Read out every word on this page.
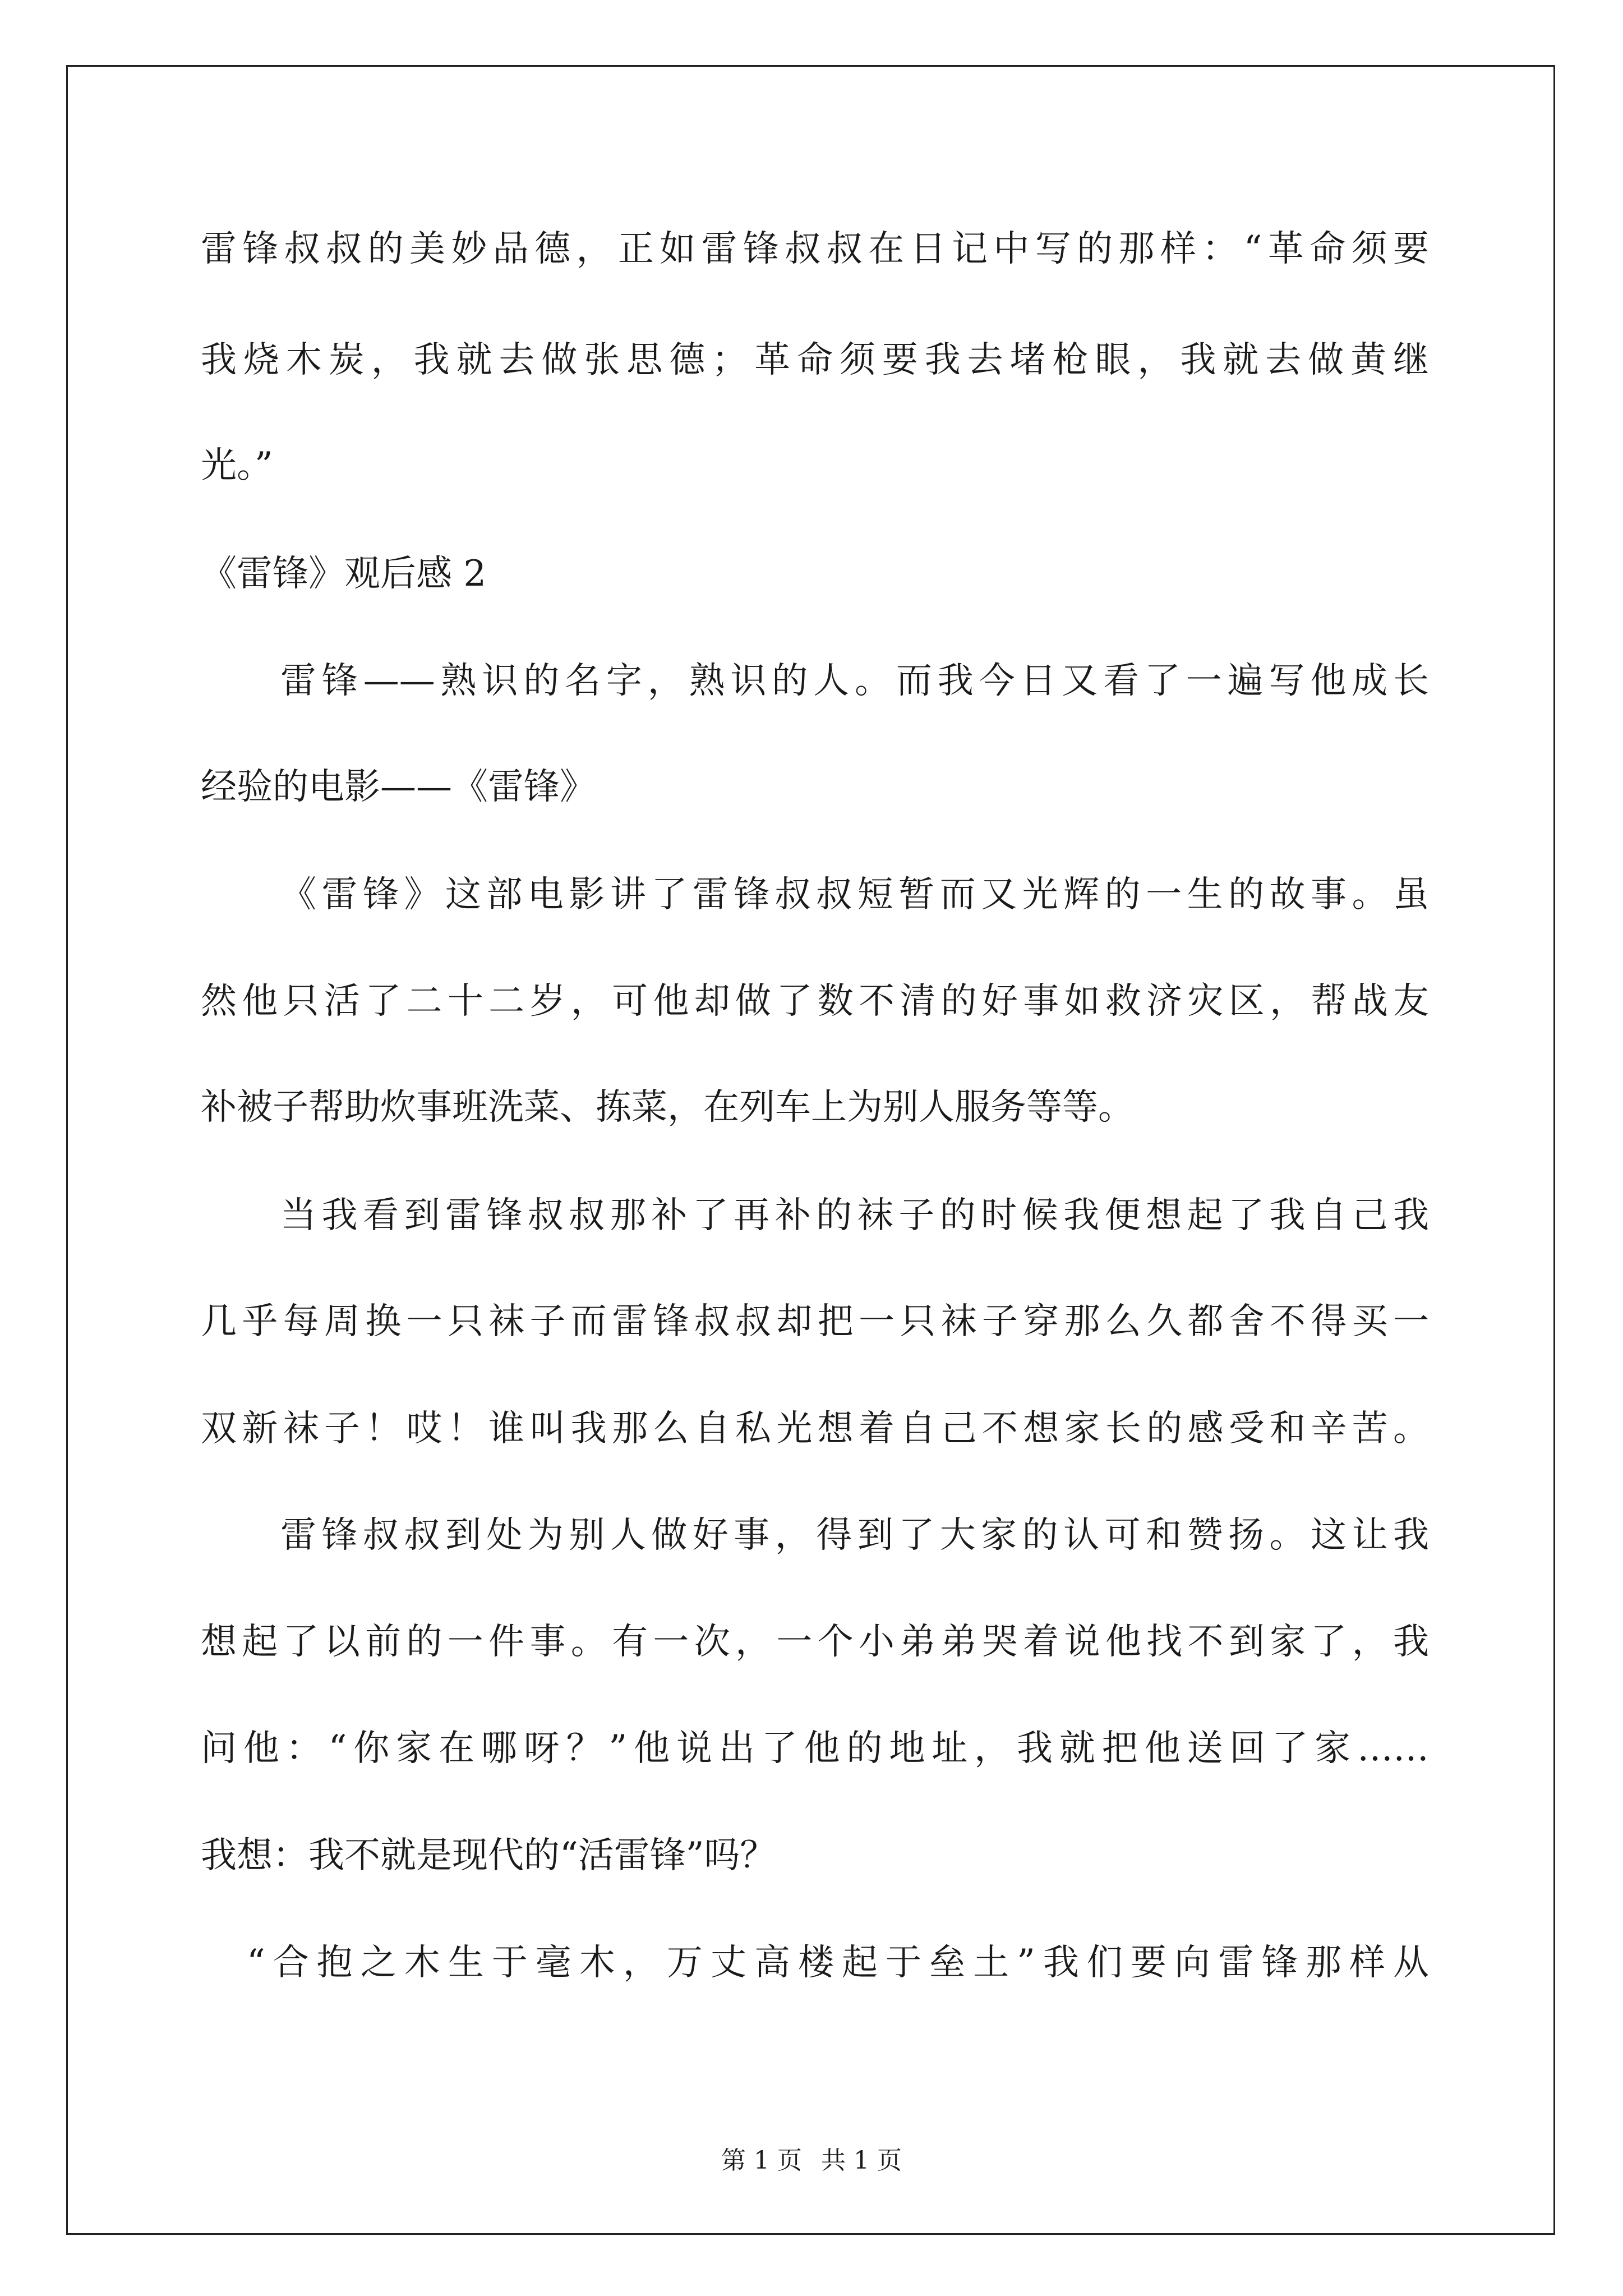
雷锋叔叔的美妙品德，正如雷锋叔叔在日记中写的那样：“革命须要
我烧木炭，我就去做张思德；革命须要我去堵枪眼，我就去做黄继
光。”
《雷锋》观后感 2
雷锋——熟识的名字，熟识的人。而我今日又看了一遍写他成长
经验的电影——《雷锋》
《雷锋》这部电影讲了雷锋叔叔短暂而又光辉的一生的故事。虽
然他只活了二十二岁，可他却做了数不清的好事如救济灾区，帮战友
补被子帮助炊事班洗菜、拣菜，在列车上为别人服务等等。
当我看到雷锋叔叔那补了再补的袜子的时候我便想起了我自己我
几乎每周换一只袜子而雷锋叔叔却把一只袜子穿那么久都舍不得买一
双新袜子！哎！谁叫我那么自私光想着自己不想家长的感受和辛苦。
雷锋叔叔到处为别人做好事，得到了大家的认可和赞扬。这让我
想起了以前的一件事。有一次，一个小弟弟哭着说他找不到家了，我
问他：“你家在哪呀？”他说出了他的地址，我就把他送回了家……
我想：我不就是现代的“活雷锋”吗？
“合抱之木生于毫木，万丈高楼起于垒土”我们要向雷锋那样从
第 1 页 共 1 页
